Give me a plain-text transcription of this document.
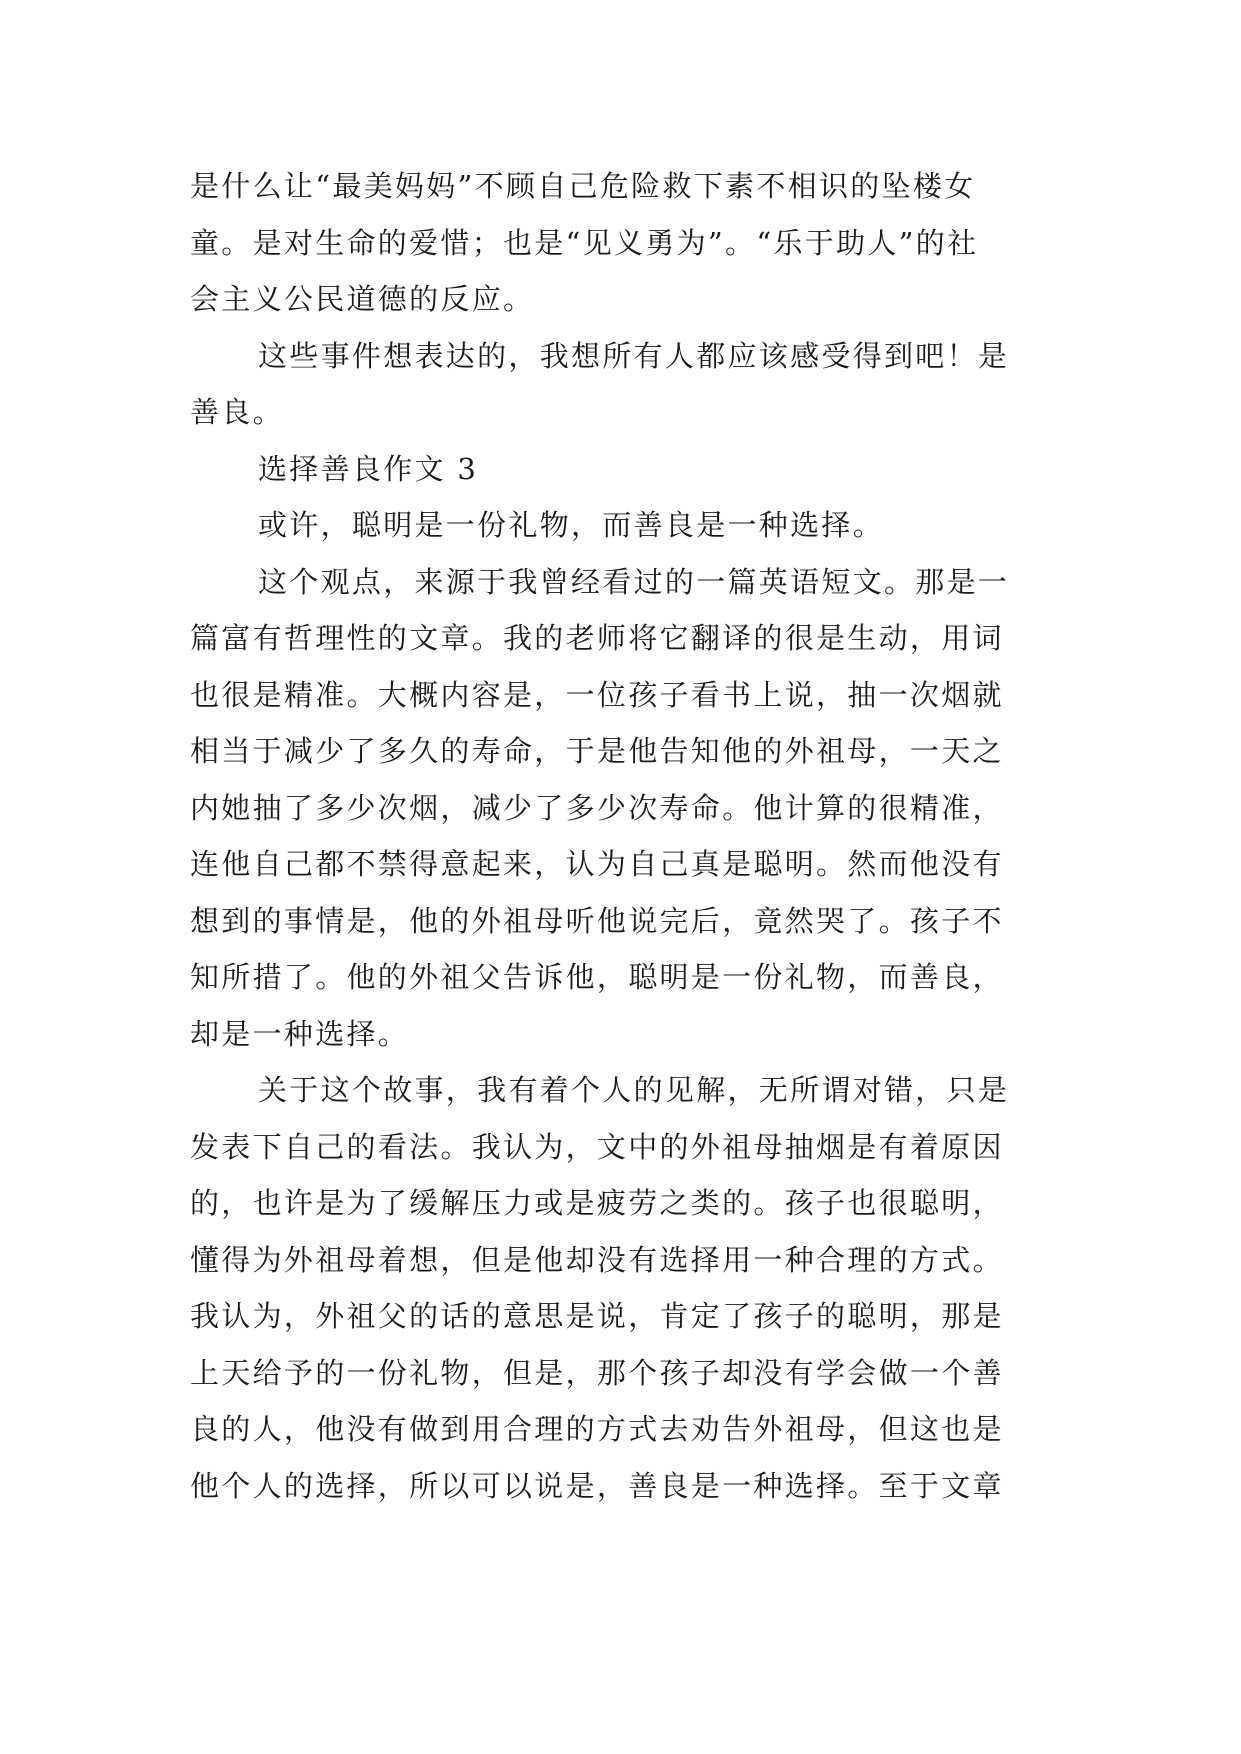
是什么让“最美妈妈”不顾自己危险救下素不相识的坠楼女
童。是对生命的爱惜；也是“见义勇为”。“乐于助人”的社
会主义公民道德的反应。
这些事件想表达的，我想所有人都应该感受得到吧！是
善良。
选择善良作文 3
或许，聪明是一份礼物，而善良是一种选择。
这个观点，来源于我曾经看过的一篇英语短文。那是一
篇富有哲理性的文章。我的老师将它翻译的很是生动，用词
也很是精准。大概内容是，一位孩子看书上说，抽一次烟就
相当于减少了多久的寿命，于是他告知他的外祖母，一天之
内她抽了多少次烟，减少了多少次寿命。他计算的很精准，
连他自己都不禁得意起来，认为自己真是聪明。然而他没有
想到的事情是，他的外祖母听他说完后，竟然哭了。孩子不
知所措了。他的外祖父告诉他，聪明是一份礼物，而善良，
却是一种选择。
关于这个故事，我有着个人的见解，无所谓对错，只是
发表下自己的看法。我认为，文中的外祖母抽烟是有着原因
的，也许是为了缓解压力或是疲劳之类的。孩子也很聪明，
懂得为外祖母着想，但是他却没有选择用一种合理的方式。
我认为，外祖父的话的意思是说，肯定了孩子的聪明，那是
上天给予的一份礼物，但是，那个孩子却没有学会做一个善
良的人，他没有做到用合理的方式去劝告外祖母，但这也是
他个人的选择，所以可以说是，善良是一种选择。至于文章
